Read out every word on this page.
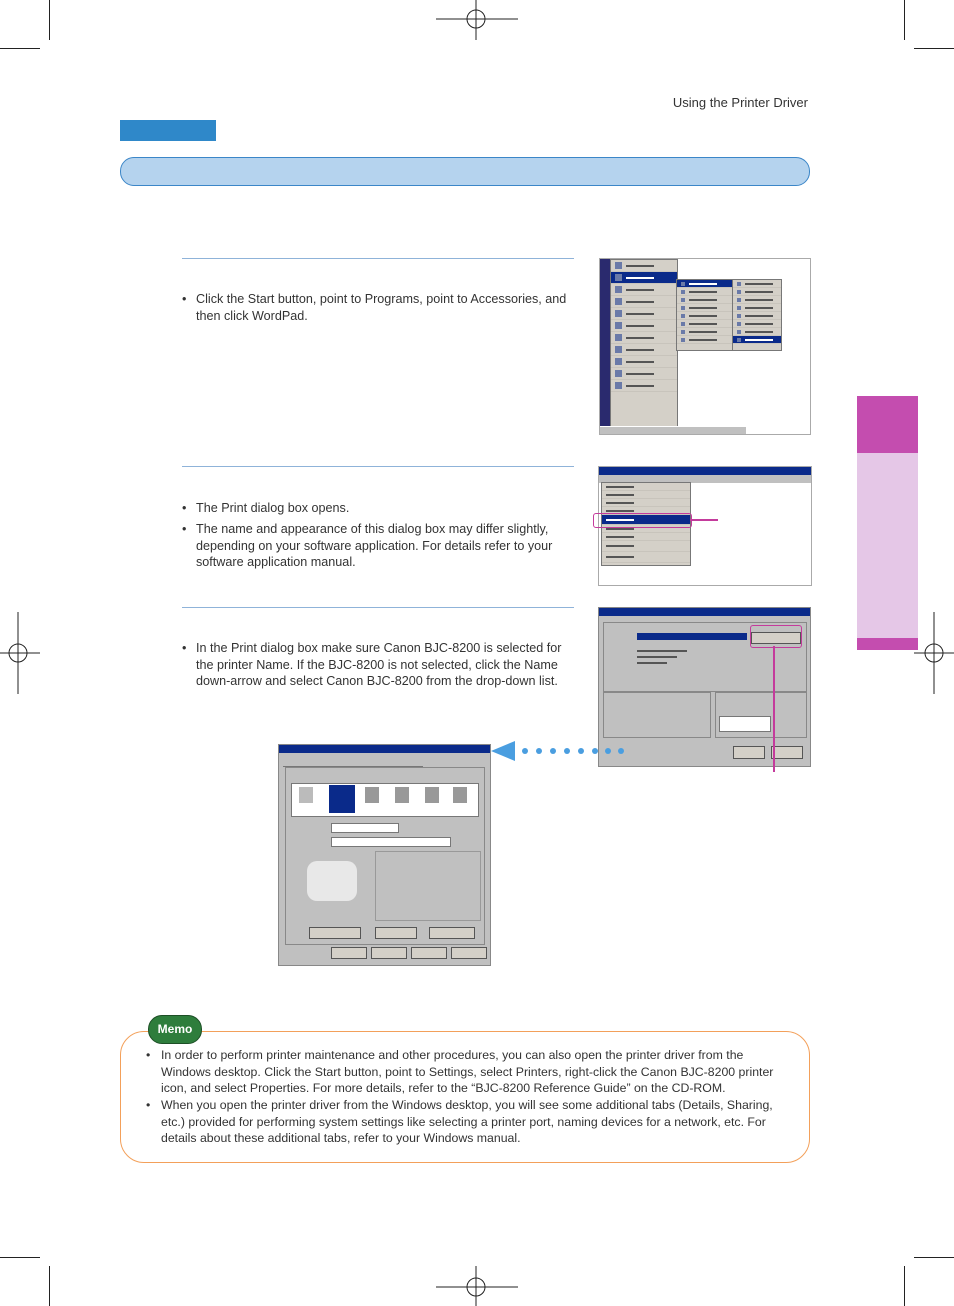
Using the Printer Driver
• Click the Start button, point to Programs, point to Accessories, and then click WordPad.
• The Print dialog box opens.
• The name and appearance of this dialog box may differ slightly, depending on your software application. For details refer to your software application manual.
• In the Print dialog box make sure Canon BJC-8200 is selected for the printer Name. If the BJC-8200 is not selected, click the Name down-arrow and select Canon BJC-8200 from the drop-down list.
Memo
• In order to perform printer maintenance and other procedures, you can also open the printer driver from the Windows desktop. Click the Start button, point to Settings, select Printers, right-click the Canon BJC-8200 printer icon, and select Properties. For more details, refer to the “BJC-8200 Reference Guide” on the CD-ROM.
• When you open the printer driver from the Windows desktop, you will see some additional tabs (Details, Sharing, etc.) provided for performing system settings like selecting a printer port, naming devices for a network, etc. For details about these additional tabs, refer to your Windows manual.
